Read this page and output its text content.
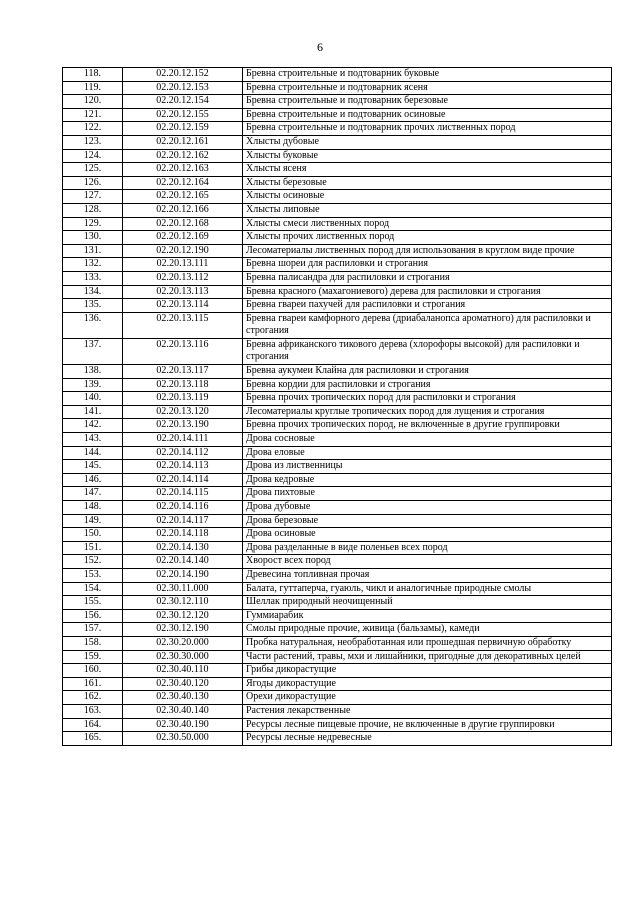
6
118.	02.20.12.152	Бревна строительные и подтоварник буковые
119.	02.20.12.153	Бревна строительные и подтоварник ясеня
120.	02.20.12.154	Бревна строительные и подтоварник березовые
121.	02.20.12.155	Бревна строительные и подтоварник осиновые
122.	02.20.12.159	Бревна строительные и подтоварник прочих лиственных пород
123.	02.20.12.161	Хлысты дубовые
124.	02.20.12.162	Хлысты буковые
125.	02.20.12.163	Хлысты ясеня
126.	02.20.12.164	Хлысты березовые
127.	02.20.12.165	Хлысты осиновые
128.	02.20.12.166	Хлысты липовые
129.	02.20.12.168	Хлысты смеси лиственных пород
130.	02.20.12.169	Хлысты прочих лиственных пород
131.	02.20.12.190	Лесоматериалы лиственных пород для использования в круглом виде прочие
132.	02.20.13.111	Бревна шореи для распиловки и строгания
133.	02.20.13.112	Бревна палисандра для распиловки и строгания
134.	02.20.13.113	Бревна красного (махагониевого) дерева для распиловки и строгания
135.	02.20.13.114	Бревна гвареи пахучей для распиловки и строгания
136.	02.20.13.115	Бревна гвареи камфорного дерева (дриабаланопса ароматного) для распиловки и строгания
137.	02.20.13.116	Бревна африканского тикового дерева (хлорофоры высокой) для распиловки и строгания
138.	02.20.13.117	Бревна аукумеи Клайна для распиловки и строгания
139.	02.20.13.118	Бревна кордии для распиловки и строгания
140.	02.20.13.119	Бревна прочих тропических пород для распиловки и строгания
141.	02.20.13.120	Лесоматериалы круглые тропических пород для лущения и строгания
142.	02.20.13.190	Бревна прочих тропических пород, не включенные в другие группировки
143.	02.20.14.111	Дрова сосновые
144.	02.20.14.112	Дрова еловые
145.	02.20.14.113	Дрова из лиственницы
146.	02.20.14.114	Дрова кедровые
147.	02.20.14.115	Дрова пихтовые
148.	02.20.14.116	Дрова дубовые
149.	02.20.14.117	Дрова березовые
150.	02.20.14.118	Дрова осиновые
151.	02.20.14.130	Дрова разделанные в виде поленьев всех пород
152.	02.20.14.140	Хворост всех пород
153.	02.20.14.190	Древесина топливная прочая
154.	02.30.11.000	Балата, гуттаперча, гуаюль, чикл и аналогичные природные смолы
155.	02.30.12.110	Шеллак природный неочищенный
156.	02.30.12.120	Гуммиарабик
157.	02.30.12.190	Смолы природные прочие, живица (бальзамы), камеди
158.	02.30.20.000	Пробка натуральная, необработанная или прошедшая первичную обработку
159.	02.30.30.000	Части растений, травы, мхи и лишайники, пригодные для декоративных целей
160.	02.30.40.110	Грибы дикорастущие
161.	02.30.40.120	Ягоды дикорастущие
162.	02.30.40.130	Орехи дикорастущие
163.	02.30.40.140	Растения лекарственные
164.	02.30.40.190	Ресурсы лесные пищевые прочие, не включенные в другие группировки
165.	02.30.50.000	Ресурсы лесные недревесные
